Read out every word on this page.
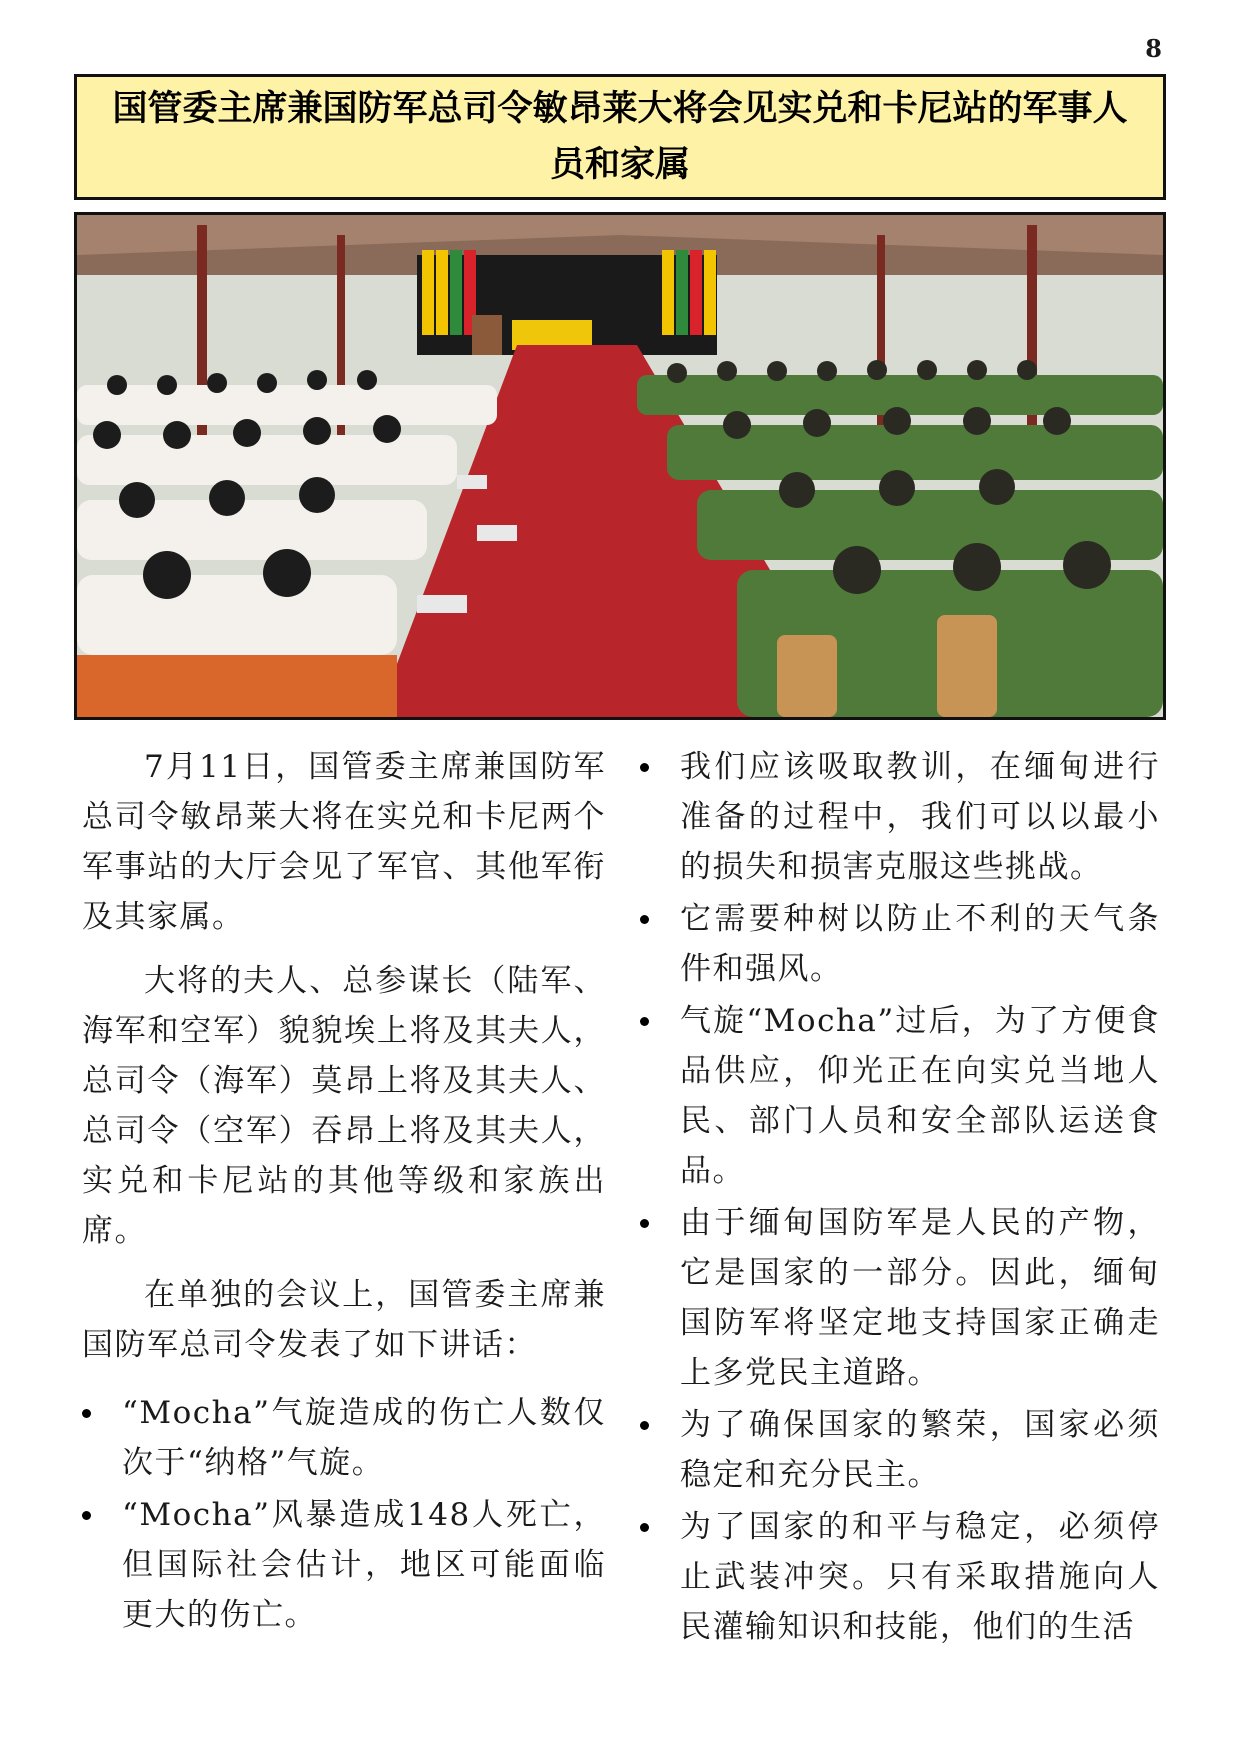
8
国管委主席兼国防军总司令敏昂莱大将会见实兑和卡尼站的军事人员和家属

7月11日，国管委主席兼国防军总司令敏昂莱大将在实兑和卡尼两个军事站的大厅会见了军官、其他军衔及其家属。

大将的夫人、总参谋长（陆军、海军和空军）貌貌埃上将及其夫人，总司令（海军）莫昂上将及其夫人、总司令（空军）吞昂上将及其夫人，实兑和卡尼站的其他等级和家族出席。

在单独的会议上，国管委主席兼国防军总司令发表了如下讲话：

“Mocha”气旋造成的伤亡人数仅次于“纳格”气旋。
“Mocha”风暴造成148人死亡，但国际社会估计，地区可能面临更大的伤亡。
我们应该吸取教训，在缅甸进行准备的过程中，我们可以以最小的损失和损害克服这些挑战。
它需要种树以防止不利的天气条件和强风。
气旋“Mocha”过后，为了方便食品供应，仰光正在向实兑当地人民、部门人员和安全部队运送食品。
由于缅甸国防军是人民的产物，它是国家的一部分。因此，缅甸国防军将坚定地支持国家正确走上多党民主道路。
为了确保国家的繁荣，国家必须稳定和充分民主。
为了国家的和平与稳定，必须停止武装冲突。只有采取措施向人民灌输知识和技能，他们的生活
